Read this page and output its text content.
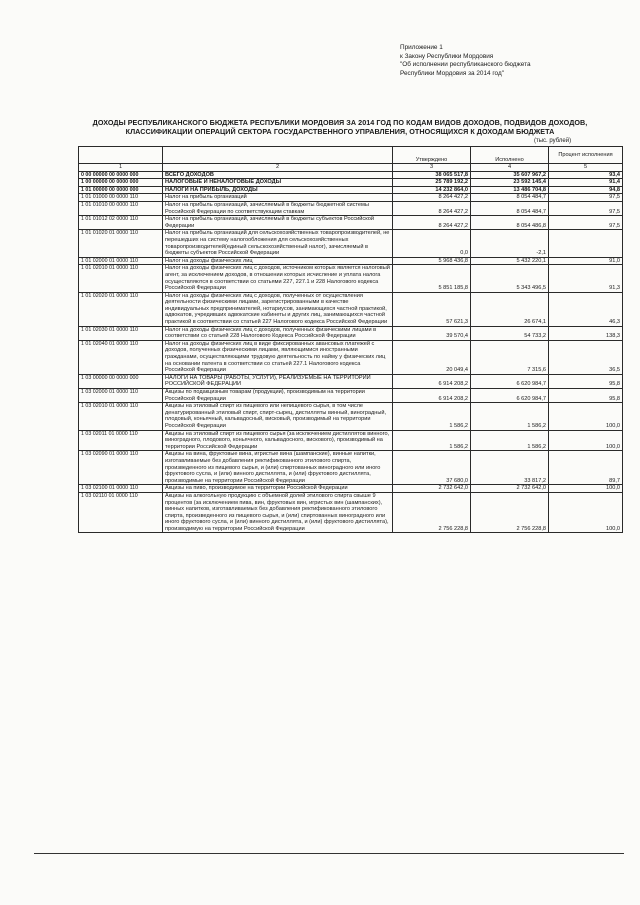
Приложение 1
к Закону Республики Мордовия
"Об исполнении республиканского бюджета
Республики Мордовия за 2014 год"
ДОХОДЫ РЕСПУБЛИКАНСКОГО БЮДЖЕТА РЕСПУБЛИКИ МОРДОВИЯ ЗА 2014 ГОД ПО КОДАМ ВИДОВ ДОХОДОВ, ПОДВИДОВ ДОХОДОВ, КЛАССИФИКАЦИИ ОПЕРАЦИЙ СЕКТОРА ГОСУДАРСТВЕННОГО УПРАВЛЕНИЯ, ОТНОСЯЩИХСЯ К ДОХОДАМ БЮДЖЕТА
(тыс. рублей)
		Утверждено	Исполнено	Процент исполнения
1	2	3	4	5
0 00 00000 00 0000 000	ВСЕГО ДОХОДОВ	38 065 517,8	35 607 967,2	93,4
1 00 00000 00 0000 000	НАЛОГОВЫЕ И НЕНАЛОГОВЫЕ ДОХОДЫ	25 789 192,2	23 592 145,4	91,4
1 01 00000 00 0000 000	НАЛОГИ НА ПРИБЫЛЬ, ДОХОДЫ	14 232 864,0	13 486 704,8	94,8
1 01 01000 00 0000 110	Налог на прибыль организаций	8 264 427,2	8 054 484,7	97,5
1 01 01010 00 0000 110	Налог на прибыль организаций, зачисляемый в бюджеты бюджетной системы Российской Федерации по соответствующим ставкам	8 264 427,2	8 054 484,7	97,5
1 01 01012 02 0000 110	Налог на прибыль организаций, зачисляемый в бюджеты субъектов Российской Федерации	8 264 427,2	8 054 486,8	97,5
1 01 01020 01 0000 110	Налог на прибыль организаций для сельскохозяйственных товаропроизводителей, не перешедших на систему налогообложения для сельскохозяйственных товаропроизводителей(единый сельскохозяйственный налог), зачисляемый в бюджеты субъектов Российской Федерации	0,0	-2,1	
1 01 02000 01 0000 110	Налог на доходы физических лиц	5 968 436,8	5 432 220,1	91,0
1 01 02010 01 0000 110	Налог на доходы физических лиц с доходов, источником которых является налоговый агент, за исключением доходов, в отношении которых исчисление и уплата налога осуществляются в соответствии со статьями 227, 227.1 и 228 Налогового кодекса Российской Федерации	5 851 185,8	5 343 496,5	91,3
1 01 02020 01 0000 110	Налог на доходы физических лиц с доходов, полученных от осуществления деятельности физическими лицами, зарегистрированными в качестве индивидуальных предпринимателей, нотариусов, занимающихся частной практикой, адвокатов, учредивших адвокатские кабинеты и других лиц, занимающихся частной практикой в соответствии со статьей 227 Налогового кодекса Российской Федерации	57 621,3	26 674,1	46,3
1 01 02030 01 0000 110	Налог на доходы физических лиц с доходов, полученных физическими лицами в соответствии со статьей 228 Налогового Кодекса Российской Федерации	39 570,4	54 733,2	138,3
1 01 02040 01 0000 110	Налог на доходы физических лиц в виде фиксированных авансовых платежей с доходов, полученных физическими лицами, являющимися иностранными гражданами, осуществляющими трудовую деятельность по найму у физических лиц на основании патента в соответствии со статьей 227.1 Налогового кодекса Российской Федерации	20 049,4	7 315,6	36,5
1 03 00000 00 0000 000	НАЛОГИ НА ТОВАРЫ (РАБОТЫ, УСЛУГИ), РЕАЛИЗУЕМЫЕ НА ТЕРРИТОРИИ РОССИЙСКОЙ ФЕДЕРАЦИИ	6 914 208,2	6 620 984,7	95,8
1 03 02000 01 0000 110	Акцизы по подакцизным товарам (продукции), производимым на территории Российской Федерации	6 914 208,2	6 620 984,7	95,8
1 03 02010 01 0000 110	Акцизы на этиловый спирт из пищевого или непищевого сырья, в том числе денатурированный этиловый спирт, спирт-сырец, дистилляты винный, виноградный, плодовый, коньячный, кальвадосный, висковый, производимый на территории Российской Федерации	1 586,2	1 586,2	100,0
1 03 02011 01 0000 110	Акцизы на этиловый спирт из пищевого сырья (за исключением дистиллятов винного, виноградного, плодового, коньячного, кальвадосного, вискового), производимый на территории Российской Федерации	1 586,2	1 586,2	100,0
1 03 02090 01 0000 110	Акцизы на вина, фруктовые вина, игристые вина (шампанские), винные напитки, изготавливаемые без добавления ректификованного этилового спирта, произведенного из пищевого сырья, и (или) спиртованных виноградного или иного фруктового сусла, и (или) винного дистиллята, и (или) фруктового дистиллята, производимые на территории Российской Федерации	37 680,0	33 817,2	89,7
1 03 02100 01 0000 110	Акцизы на пиво, производимое на территории Российской Федерации	2 732 642,0	2 732 642,0	100,0
1 03 02110 01 0000 110	Акцизы на алкогольную продукцию с объемной долей этилового спирта свыше 9 процентов (за исключением пива, вин, фруктовых вин, игристых вин (шампанских), винных напитков, изготавливаемых без добавления ректификованного этилового спирта, произведенного из пищевого сырья, и (или) спиртованных виноградного или иного фруктового сусла, и (или) винного дистиллята, и (или) фруктового дистиллята), производимую на территории Российской Федерации	2 756 228,8	2 756 228,8	100,0
